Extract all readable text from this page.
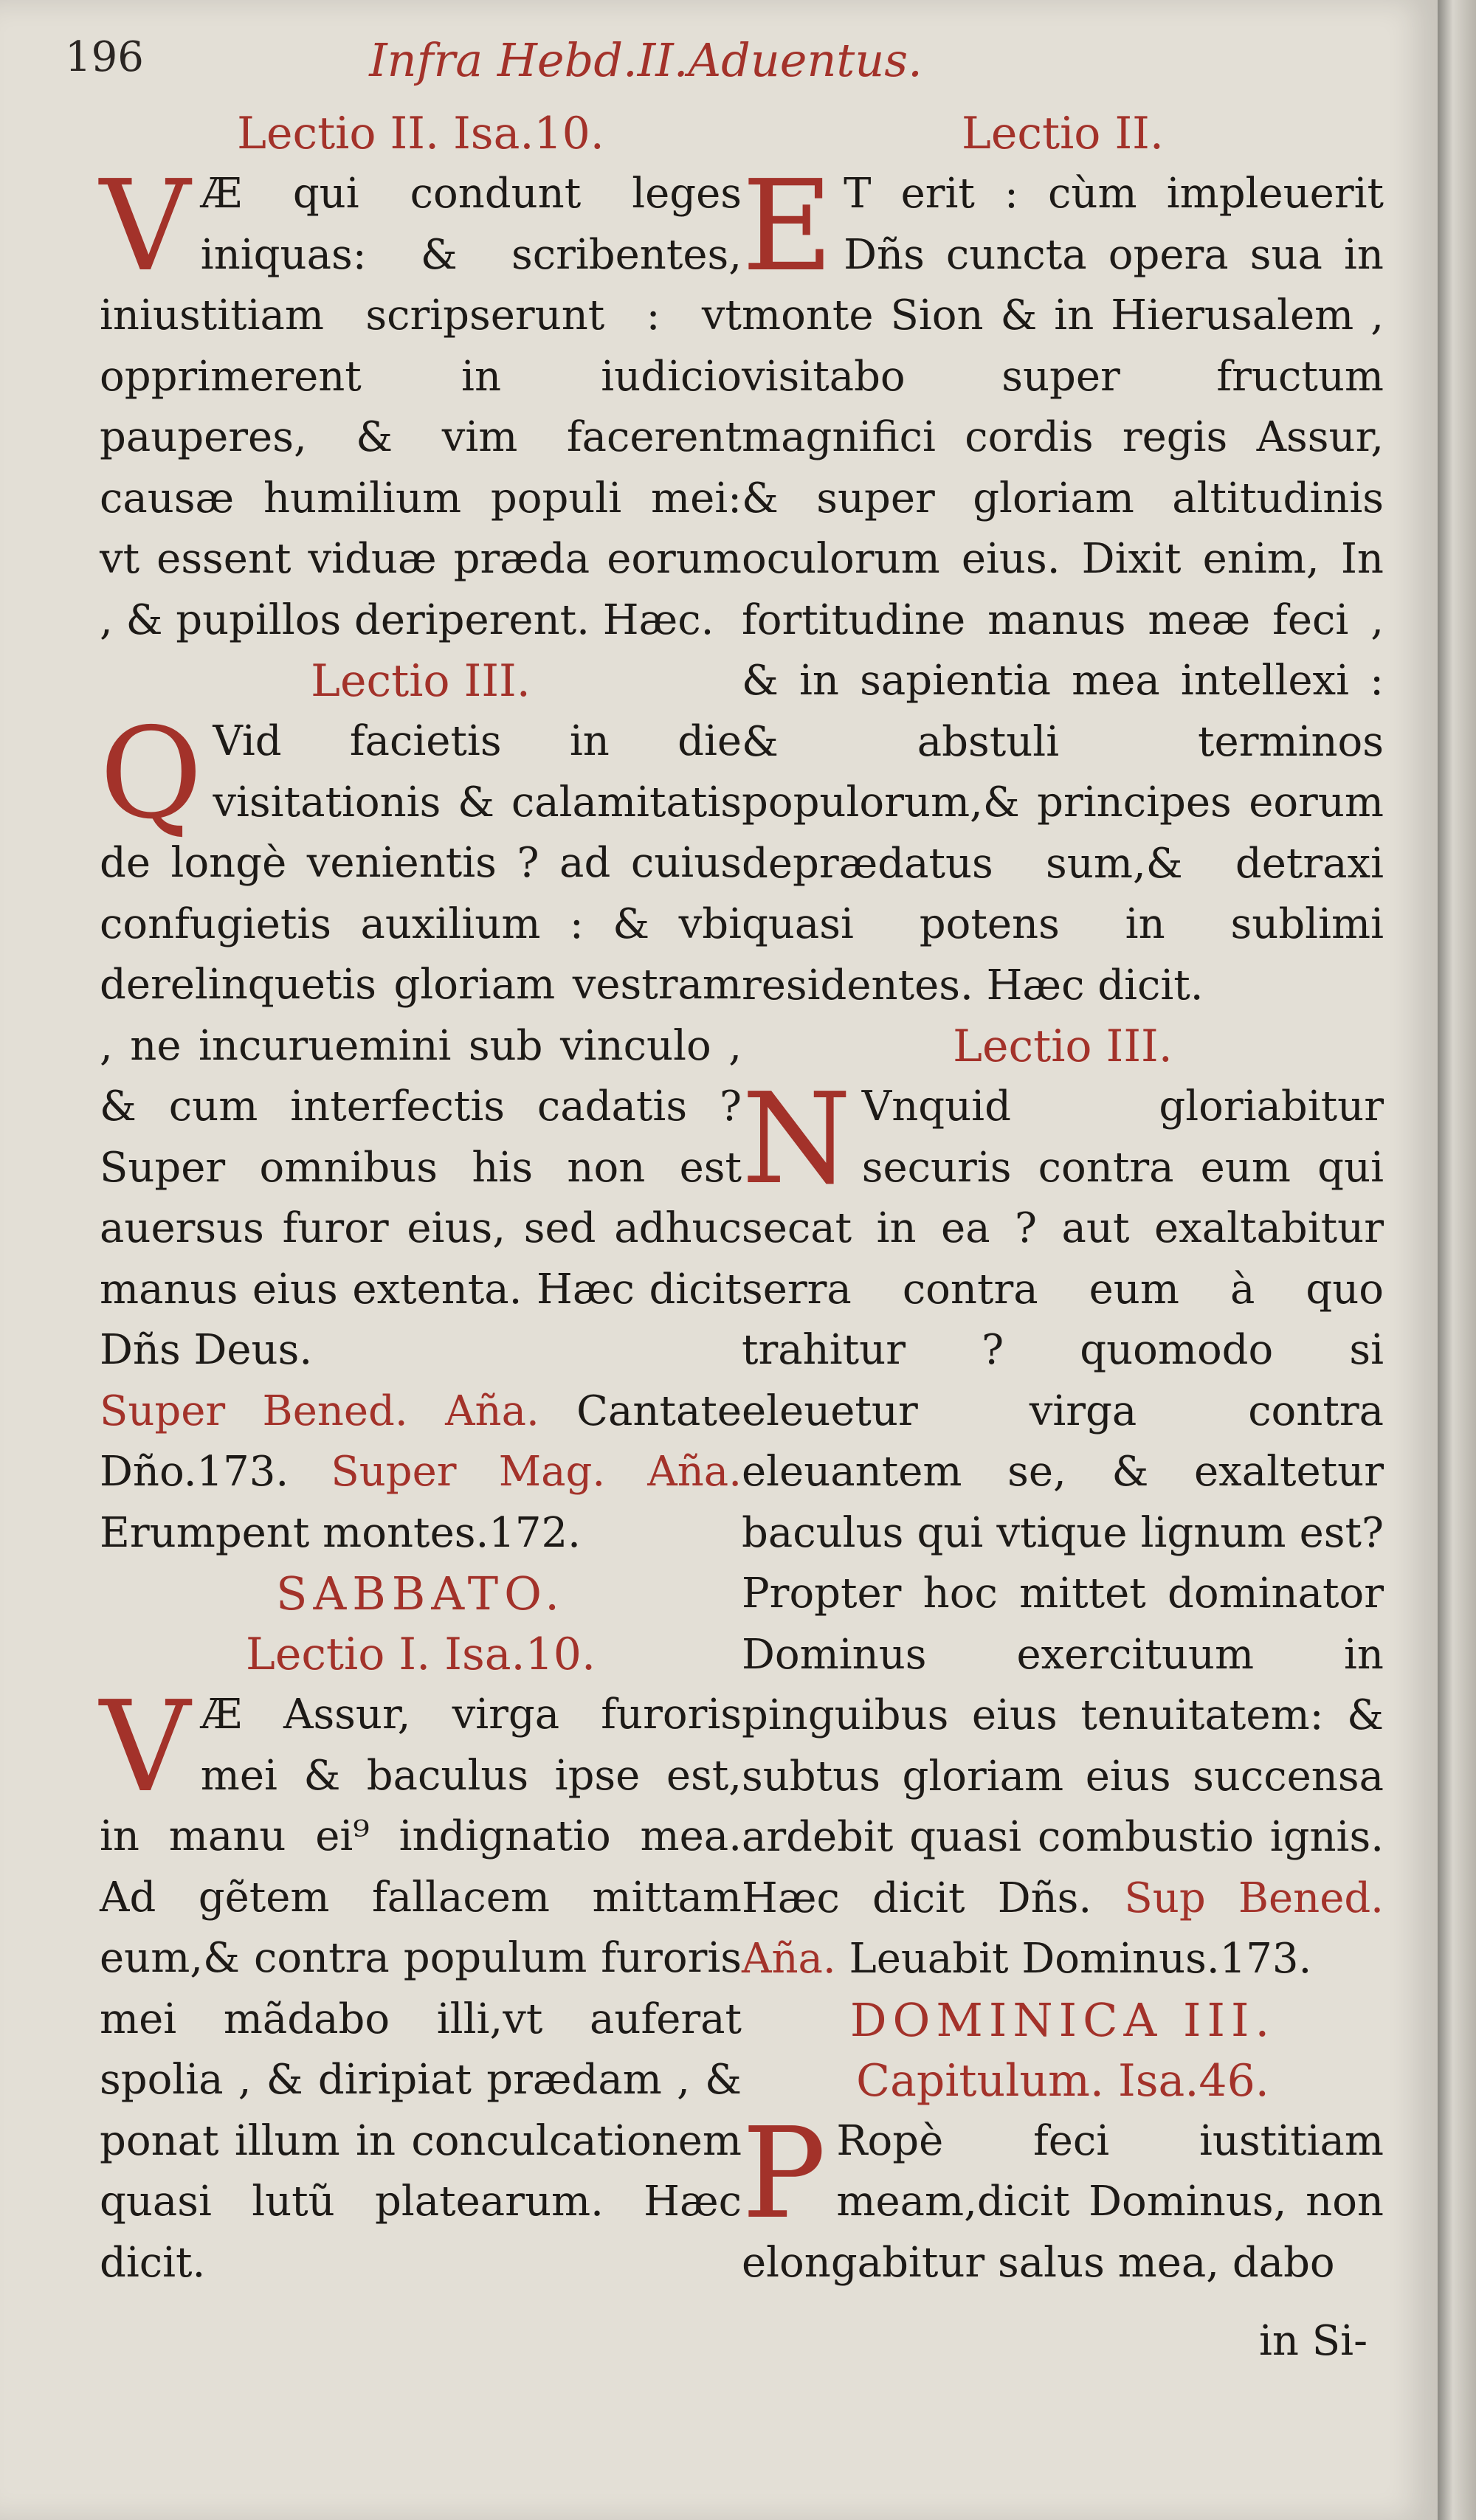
196	Infra Hebd.II.Aduentus.

Lectio II. Isa.10.

V Æ qui condunt leges iniquas: & scribentes, iniustitiam scripserunt : vt opprimerent in iudicio pauperes, & vim facerent causæ humilium populi mei: vt essent viduæ præda eorum , & pupillos deriperent. Hæc.

Lectio III.

Q Vid facietis in die visitationis & calamitatis de longè venientis ? ad cuius confugietis auxilium : & vbi derelinquetis gloriam vestram , ne incuruemini sub vinculo , & cum interfectis cadatis ? Super omnibus his non est auersus furor eius, sed adhuc manus eius extenta. Hæc dicit Dñs Deus.

Super Bened. Aña. Cantate Dño.173. Super Mag. Aña. Erumpent montes.172.

SABBATO.

Lectio I. Isa.10.

V Æ Assur, virga furoris mei & baculus ipse est, in manu ei⁹ indignatio mea. Ad gẽtem fallacem mittam eum,& contra populum furoris mei mãdabo illi,vt auferat spolia , & diripiat prædam , & ponat illum in conculcationem quasi lutũ platearum. Hæc dicit.

Lectio II.

E T erit : cùm impleuerit Dñs cuncta opera sua in monte Sion & in Hierusalem , visitabo super fructum magnifici cordis regis Assur, & super gloriam altitudinis oculorum eius. Dixit enim, In fortitudine manus meæ feci , & in sapientia mea intellexi : & abstuli terminos populorum,& principes eorum deprædatus sum,& detraxi quasi potens in sublimi residentes. Hæc dicit.

Lectio III.

N Vnquid gloriabitur securis contra eum qui secat in ea ? aut exaltabitur serra contra eum à quo trahitur ? quomodo si eleuetur virga contra eleuantem se, & exaltetur baculus qui vtique lignum est? Propter hoc mittet dominator Dominus exercituum in pinguibus eius tenuitatem: & subtus gloriam eius succensa ardebit quasi combustio ignis. Hæc dicit Dñs. Sup Bened. Aña. Leuabit Dominus.173.

DOMINICA III.

Capitulum. Isa.46.

P Ropè feci iustitiam meam,dicit Dominus, non elongabitur salus mea, dabo

in Si-
